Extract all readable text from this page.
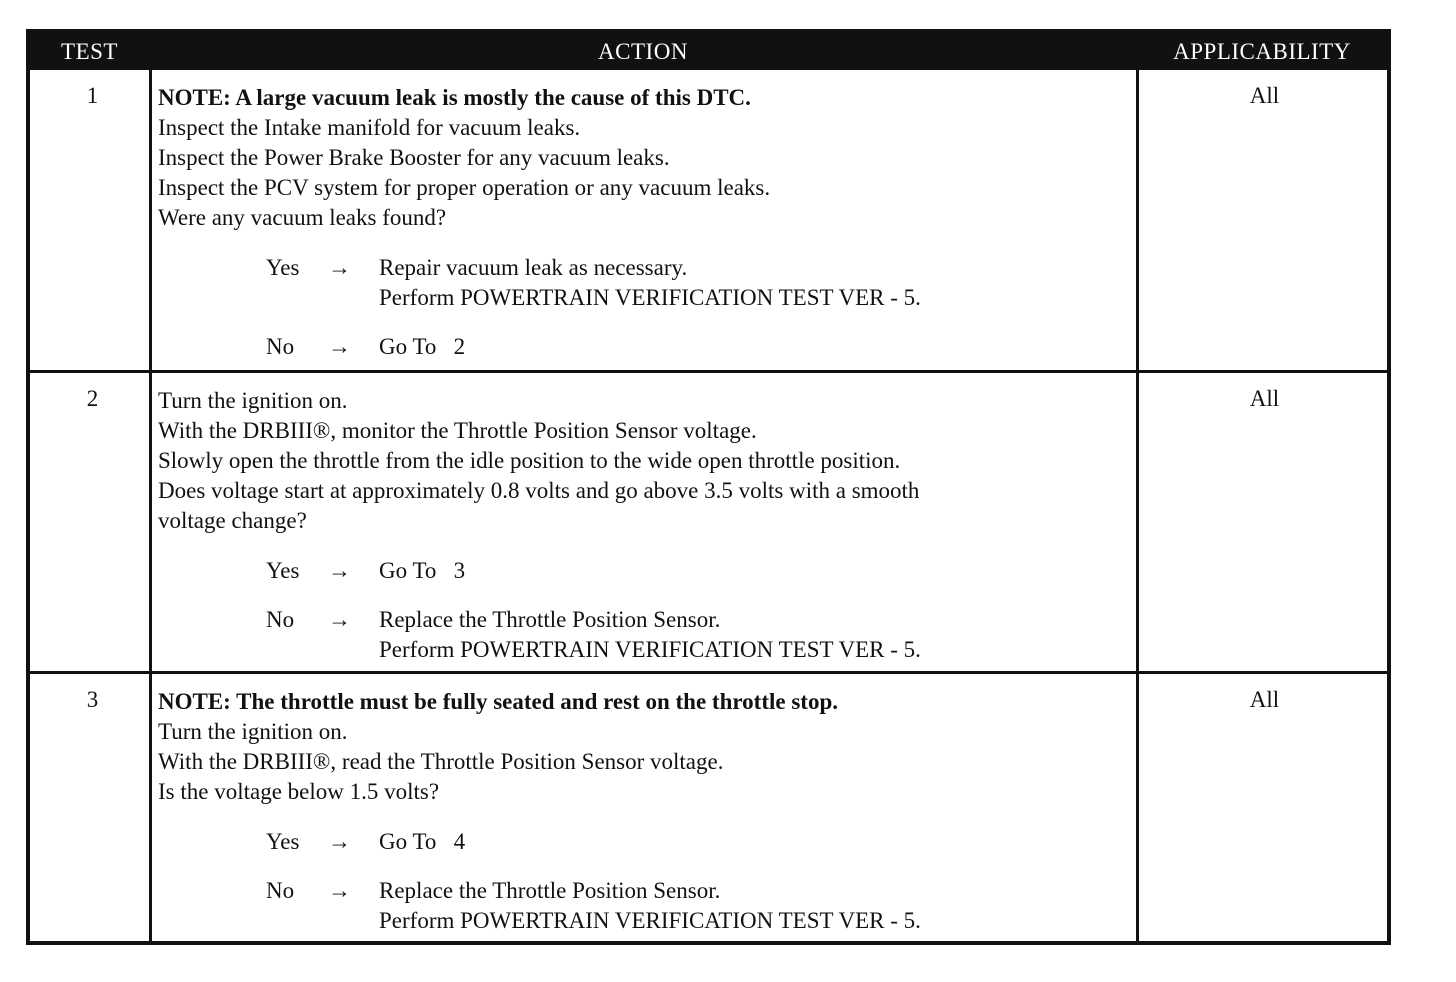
TEST	ACTION	APPLICABILITY
1	NOTE: A large vacuum leak is mostly the cause of this DTC.

Inspect the Intake manifold for vacuum leaks.

Inspect the Power Brake Booster for any vacuum leaks.

Inspect the PCV system for proper operation or any vacuum leaks.

Were any vacuum leaks found?

Yes → Repair vacuum leak as necessary.
Perform POWERTRAIN VERIFICATION TEST VER - 5.
No → Go To   2
All
2	Turn the ignition on.

With the DRBIII®, monitor the Throttle Position Sensor voltage.

Slowly open the throttle from the idle position to the wide open throttle position.

Does voltage start at approximately 0.8 volts and go above 3.5 volts with a smooth

voltage change?

Yes → Go To   3
No → Replace the Throttle Position Sensor.
Perform POWERTRAIN VERIFICATION TEST VER - 5.
All
3	NOTE: The throttle must be fully seated and rest on the throttle stop.

Turn the ignition on.

With the DRBIII®, read the Throttle Position Sensor voltage.

Is the voltage below 1.5 volts?

Yes → Go To   4
No → Replace the Throttle Position Sensor.
Perform POWERTRAIN VERIFICATION TEST VER - 5.
All
